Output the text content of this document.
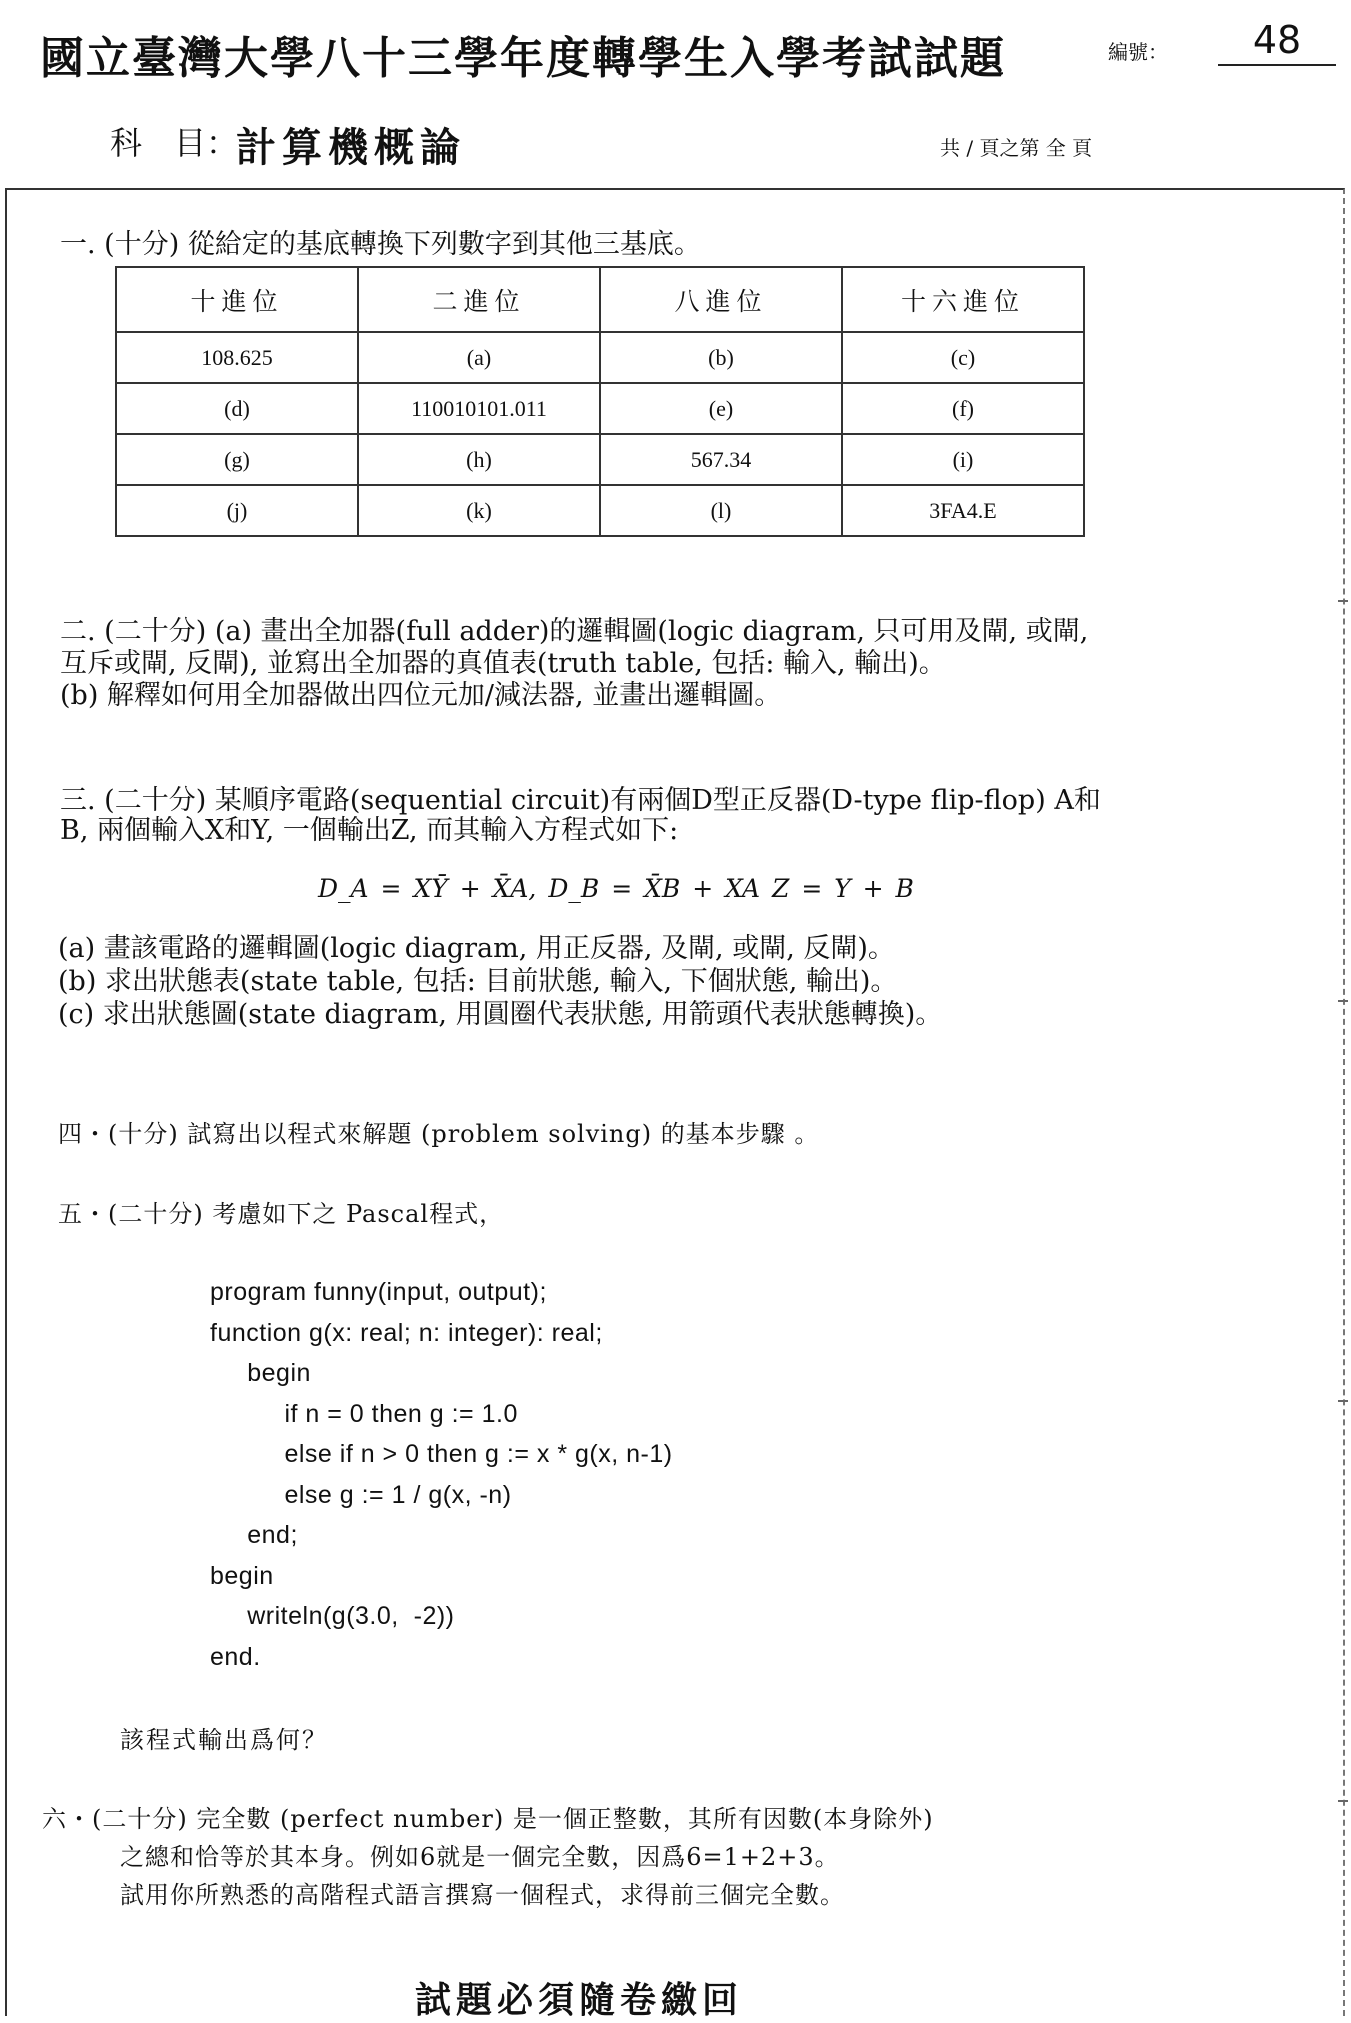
國立臺灣大學八十三學年度轉學生入學考試試題	編號：	48
科　目：
計算機概論	共 / 頁之第 全 頁
一. (十分) 從給定的基底轉換下列數字到其他三基底。
十進位	二進位	八進位	十六進位
108.625	(a)	(b)	(c)
(d)	110010101.011	(e)	(f)
(g)	(h)	567.34	(i)
(j)	(k)	(l)	3FA4.E
二. (二十分) (a) 畫出全加器(full adder)的邏輯圖(logic diagram, 只可用及閘, 或閘,
互斥或閘, 反閘), 並寫出全加器的真值表(truth table, 包括: 輸入, 輸出)。
(b) 解釋如何用全加器做出四位元加/減法器, 並畫出邏輯圖。
三. (二十分) 某順序電路(sequential circuit)有兩個D型正反器(D-type flip-flop) A和
B, 兩個輸入X和Y, 一個輸出Z, 而其輸入方程式如下:
D_A = XȲ + X̄A, D_B = X̄B + XA Z = Y + B
(a) 畫該電路的邏輯圖(logic diagram, 用正反器, 及閘, 或閘, 反閘)。
(b) 求出狀態表(state table, 包括: 目前狀態, 輸入, 下個狀態, 輸出)。
(c) 求出狀態圖(state diagram, 用圓圈代表狀態, 用箭頭代表狀態轉換)。
四・(十分) 試寫出以程式來解題 (problem solving) 的基本步驟 。
五・(二十分) 考慮如下之 Pascal程式，
program funny(input, output);
function g(x: real; n: integer): real;
begin
if n = 0 then g := 1.0
else if n > 0 then g := x * g(x, n-1)
else g := 1 / g(x, -n)
end;
begin
writeln(g(3.0,  -2))
end.
該程式輸出爲何？
六・(二十分) 完全數 (perfect number) 是一個正整數，其所有因數(本身除外)
之總和恰等於其本身。例如6就是一個完全數，因爲6=1+2+3。
試用你所熟悉的高階程式語言撰寫一個程式，求得前三個完全數。
試題必須隨卷繳回
